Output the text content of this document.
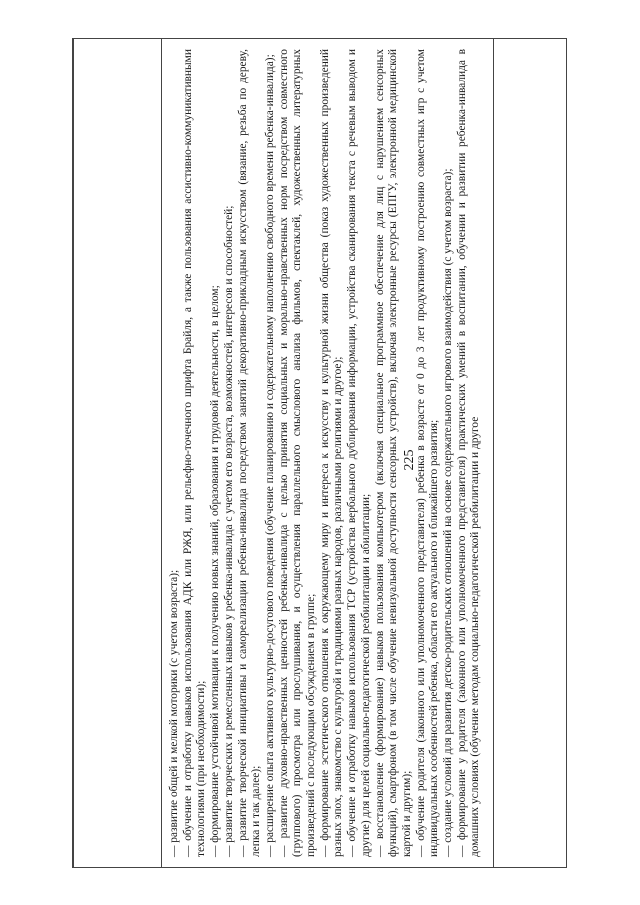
225
— развитие общей и мелкой моторики (с учетом возраста); — обучение и отработку навыков использования АДК или РЖЯ, или рельефно-точечного шрифта Брайля, а также пользования ассистивно-коммуникативными технологиями (при необходимости); — формирование устойчивой мотивации к получению новых знаний, образования и трудовой деятельности, в целом; — развитие творческих и ремесленных навыков у ребенка-инвалида с учетом его возраста, возможностей, интересов и способностей; — развитие творческой инициативы и самореализации ребенка-инвалида посредством занятий декоративно-прикладным искусством (вязание, резьба по дереву, лепка и так далее); — расширение опыта активного культурно-досугового поведения (обучение планированию и содержательному наполнению свободного времени ребенка-инвалида); — развитие духовно-нравственных ценностей ребенка-инвалида с целью принятия социальных и морально-нравственных норм посредством совместного (группового) просмотра или прослушивания, и осуществления параллельного смыслового анализа фильмов, спектаклей, художественных литературных произведений с последующим обсуждением в группе; — формирование эстетического отношения к окружающему миру и интереса к искусству и культурной жизни общества (показ художественных произведений разных эпох, знакомство с культурой и традициями разных народов, различными религиями и другое); — обучение и отработку навыков использования ТСР (устройства вербального дублирования информации, устройства сканирования текста с речевым выводом и другие) для целей социально-педагогической реабилитации и абилитации; — восстановление (формирование) навыков пользования компьютером (включая специальное программное обеспечение для лиц с нарушением сенсорных функций), смартфоном (в том числе обучение невизуальной доступности сенсорных устройств), включая электронные ресурсы (ЕПГУ, электронной медицинской картой и другим); — обучение родителя (законного или уполномоченного представителя) ребенка в возрасте от 0 до 3 лет продуктивному построению совместных игр с учетом индивидуальных особенностей ребенка, области его актуального и ближайшего развития; — создание условий для развития детско-родительских отношений на основе содержательного игрового взаимодействия (с учетом возраста); — формирование у родителя (законного или уполномоченного представителя) практических умений в воспитании, обучении и развитии ребенка-инвалида в домашних условиях (обучение методам социально-педагогической реабилитации и другое
